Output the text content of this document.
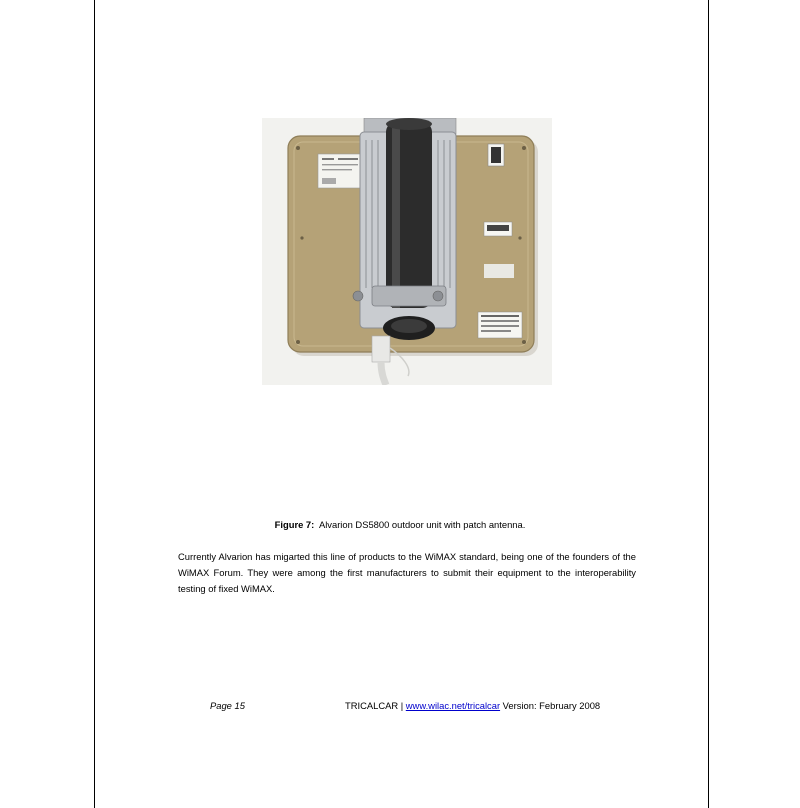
Figure 7: Alvarion DS5800 outdoor unit with patch antenna.

Currently Alvarion has migarted this line of products to the WiMAX standard, being one of the founders of the WiMAX Forum. They were among the first manufacturers to submit their equipment to the interoperability testing of fixed WiMAX.

Page 15	TRICALCAR | www.wilac.net/tricalcar Version: February 2008
